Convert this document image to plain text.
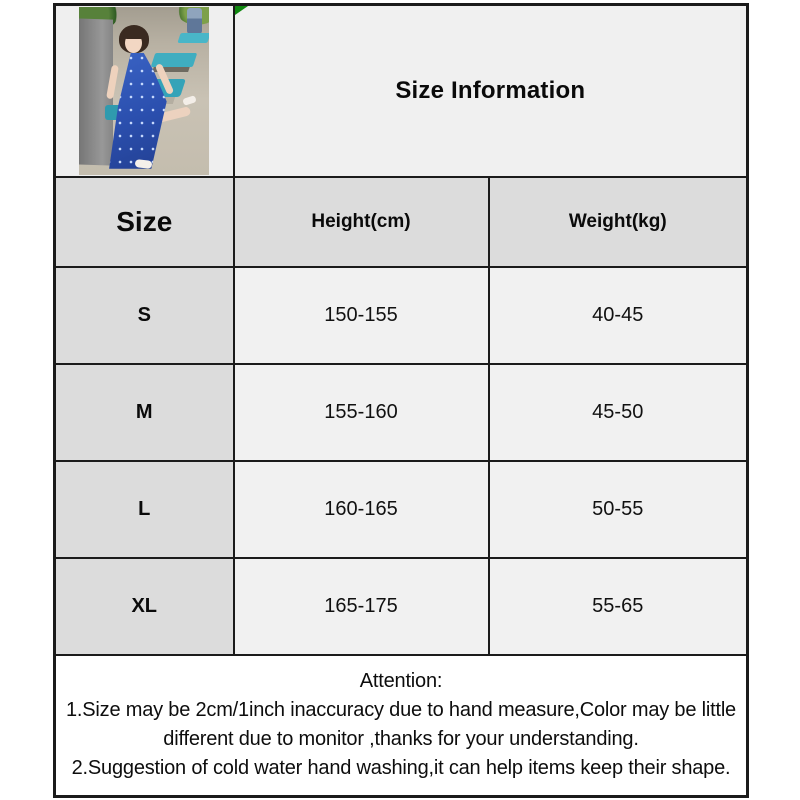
	Size Information	

Size	Height(cm)	Weight(kg)
S	150-155	40-45
M	155-160	45-50
L	160-165	50-55
XL	165-175	55-65

Attention:
1.Size may be 2cm/1inch inaccuracy due to hand measure,Color may be little different due to monitor ,thanks for your understanding.
2.Suggestion of cold water hand washing,it can help items keep their shape.		
